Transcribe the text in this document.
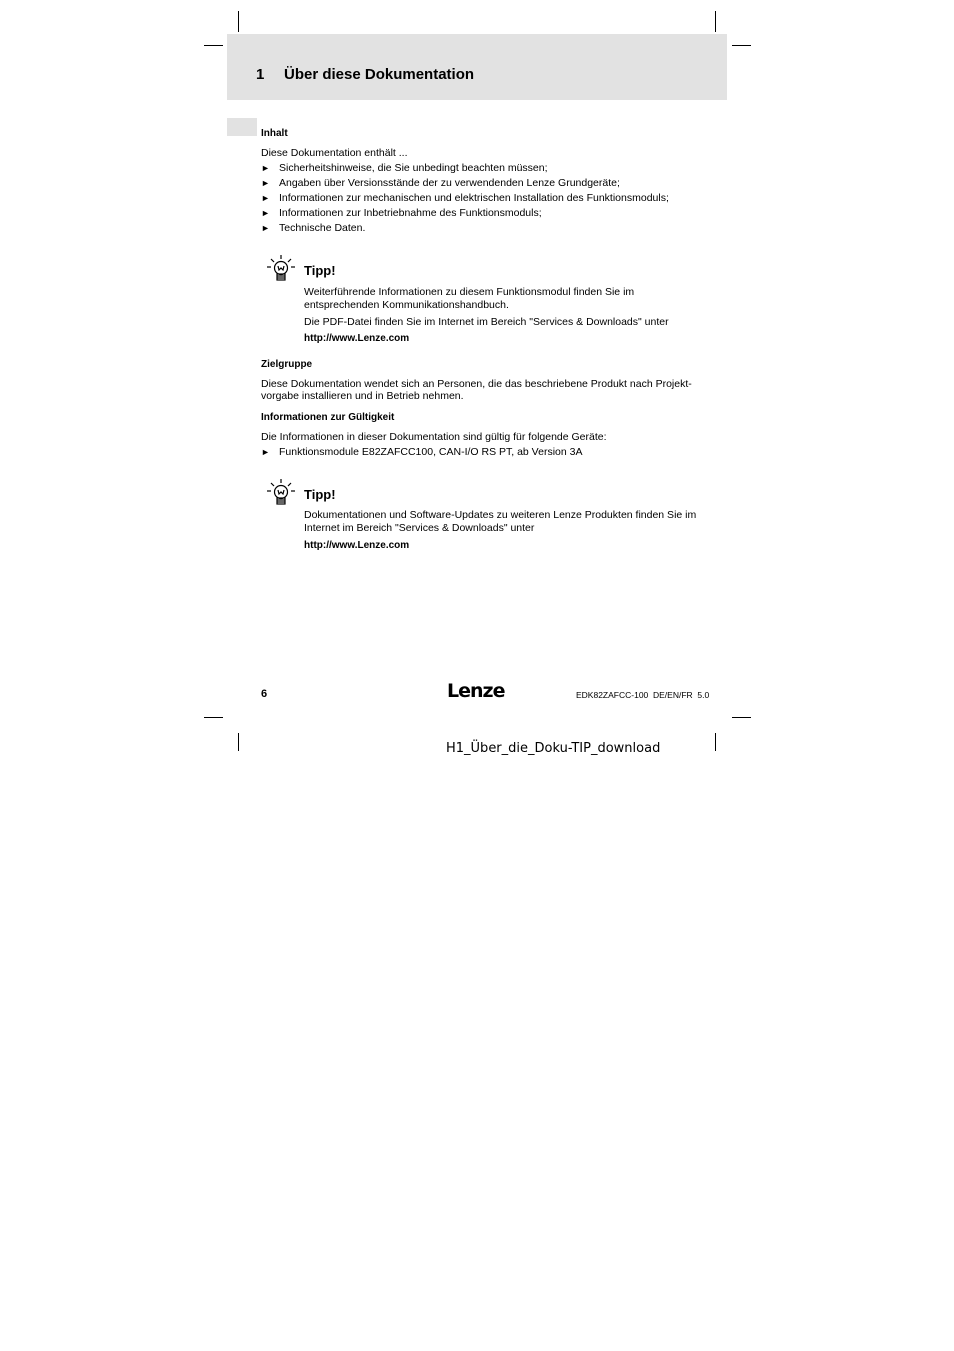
1 Über diese Dokumentation
Inhalt
Diese Dokumentation enthält ...
► Sicherheitshinweise, die Sie unbedingt beachten müssen;
► Angaben über Versionsstände der zu verwendenden Lenze Grundgeräte;
► Informationen zur mechanischen und elektrischen Installation des Funktionsmoduls;
► Informationen zur Inbetriebnahme des Funktionsmoduls;
► Technische Daten.
Tipp!
Weiterführende Informationen zu diesem Funktionsmodul finden Sie im entsprechenden Kommunikationshandbuch.
Die PDF-Datei finden Sie im Internet im Bereich "Services & Downloads" unter
http://www.Lenze.com
Zielgruppe
Diese Dokumentation wendet sich an Personen, die das beschriebene Produkt nach Projekt-vorgabe installieren und in Betrieb nehmen.
Informationen zur Gültigkeit
Die Informationen in dieser Dokumentation sind gültig für folgende Geräte:
► Funktionsmodule E82ZAFCC100, CAN-I/O RS PT, ab Version 3A
Tipp!
Dokumentationen und Software-Updates zu weiteren Lenze Produkten finden Sie im Internet im Bereich "Services & Downloads" unter
http://www.Lenze.com
6	Lenze	EDK82ZAFCC-100  DE/EN/FR  5.0
H1_Über_die_Doku-TIP_download
